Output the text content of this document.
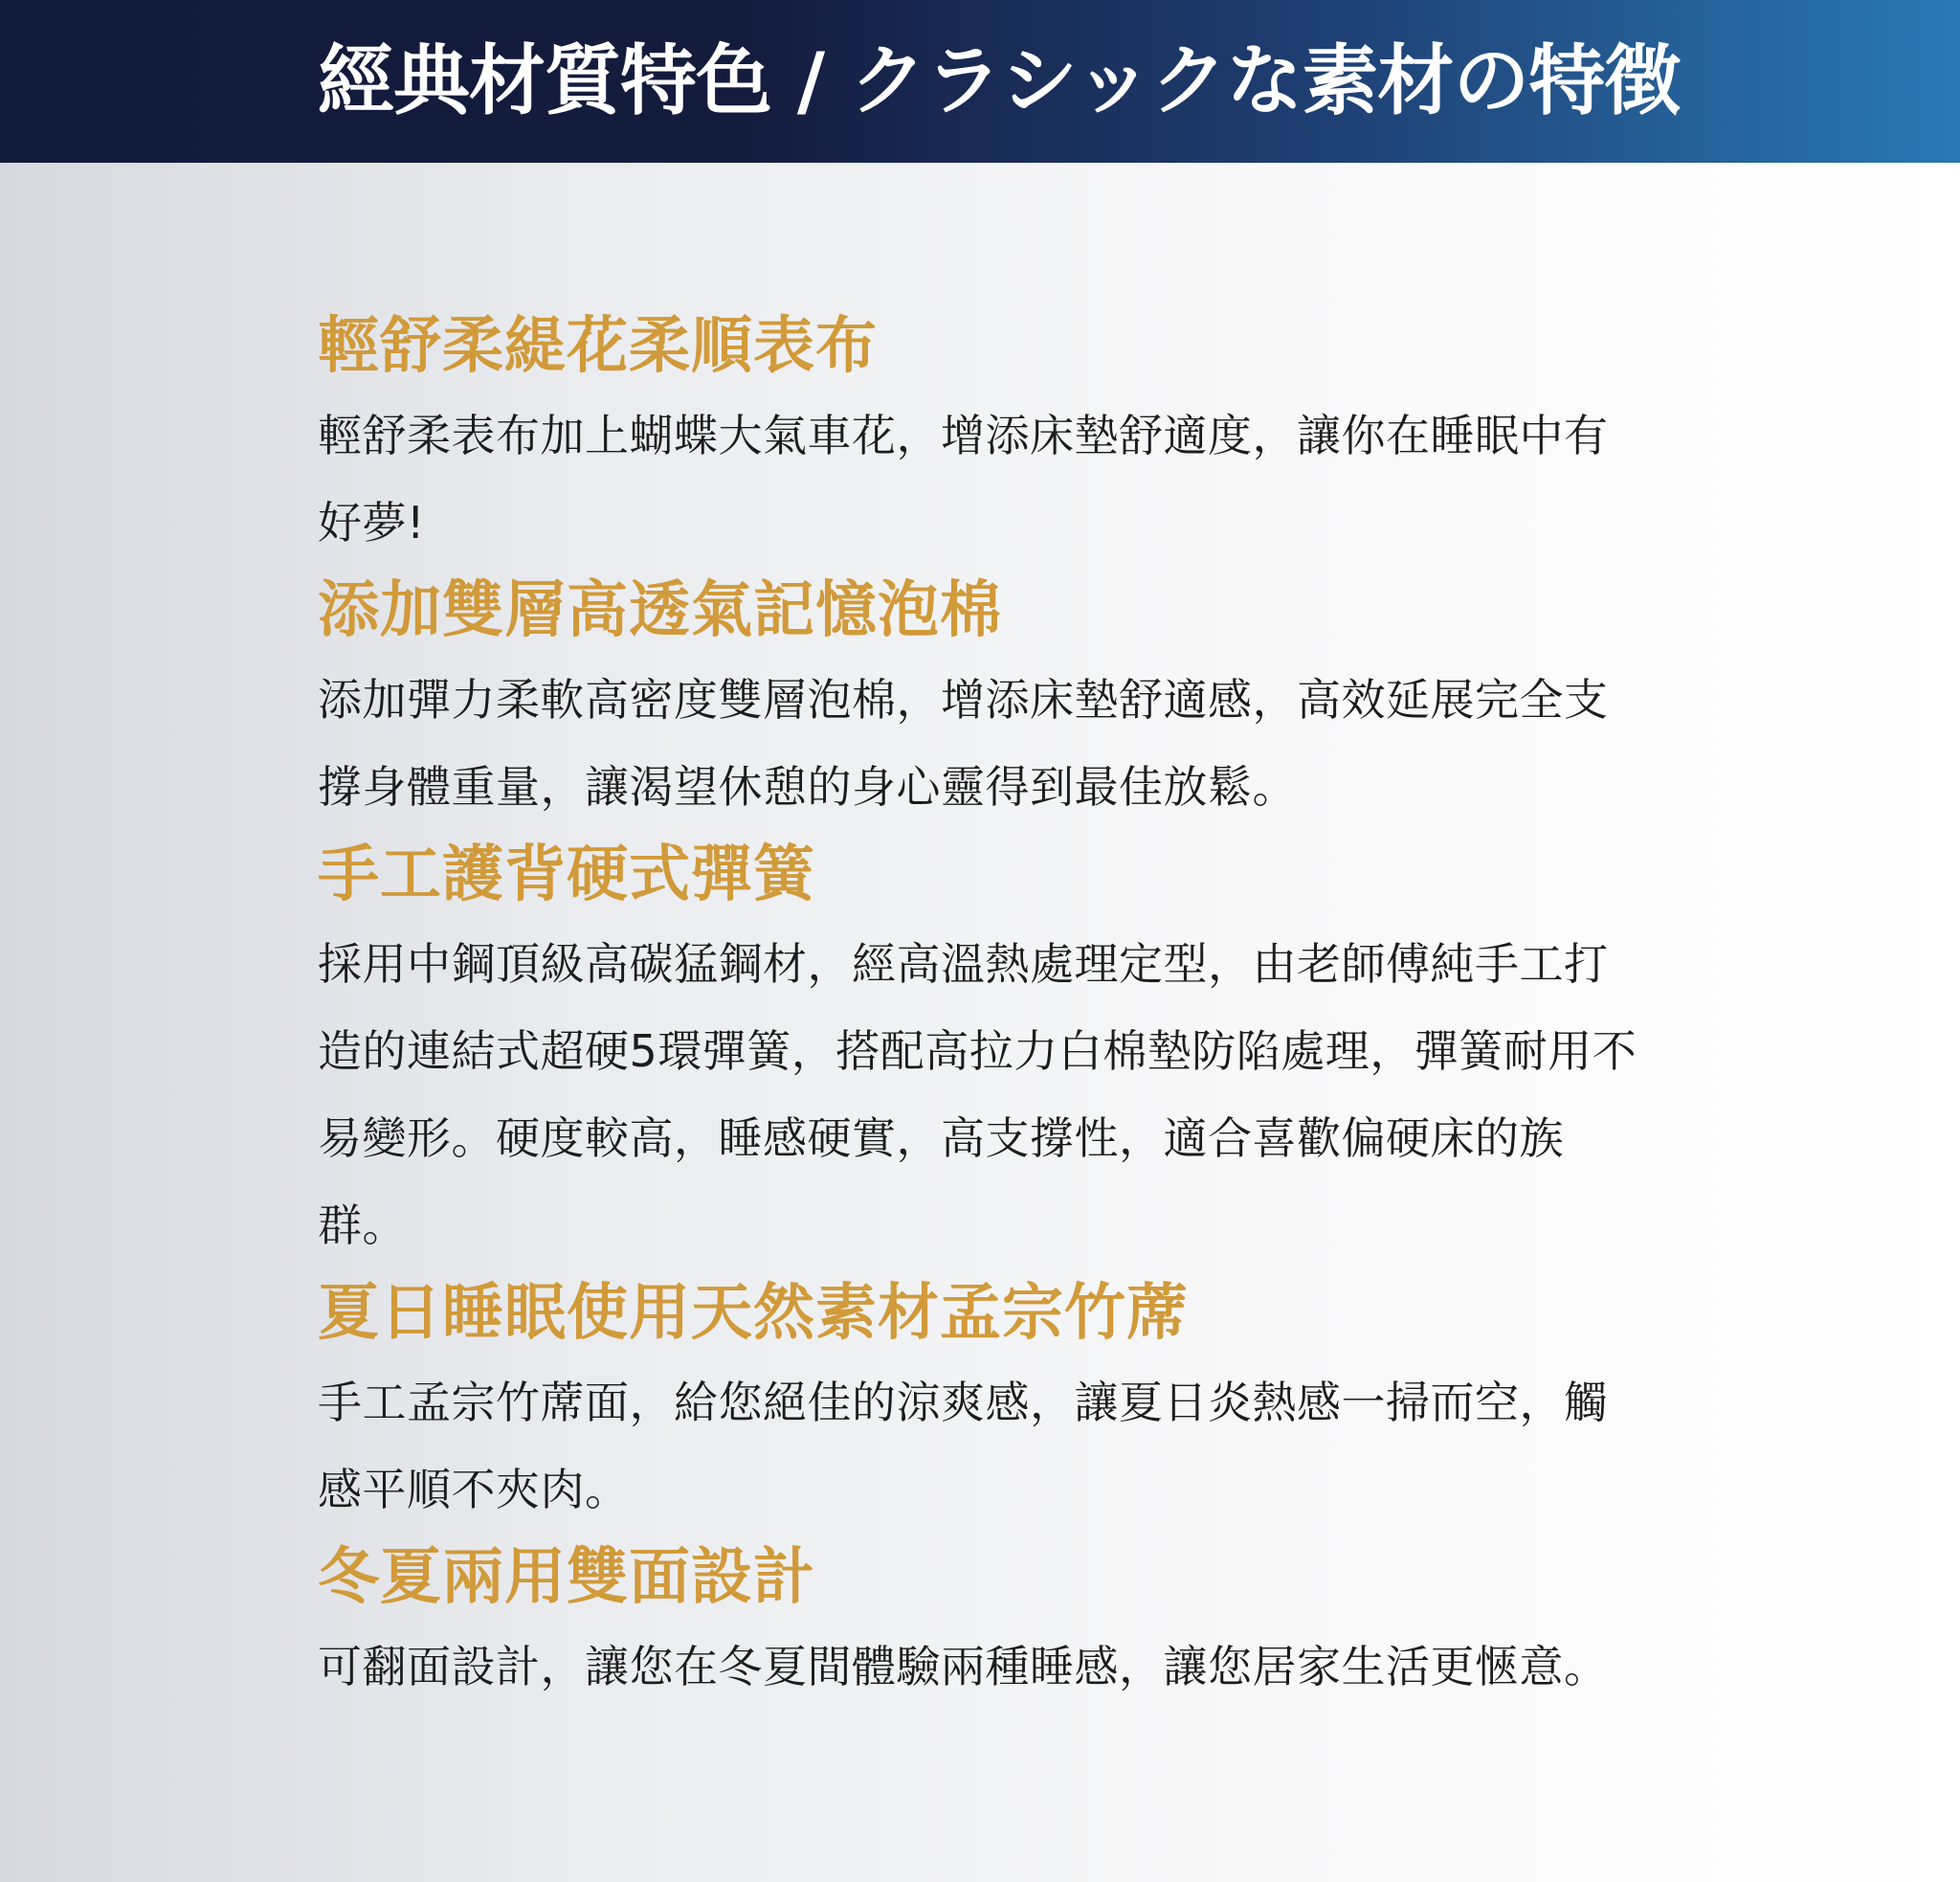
經典材質特色 / クラシックな素材の特徴
輕舒柔緹花柔順表布

輕舒柔表布加上蝴蝶大氣車花，增添床墊舒適度，讓你在睡眠中有好夢!

添加雙層高透氣記憶泡棉

添加彈力柔軟高密度雙層泡棉，增添床墊舒適感，高效延展完全支撐身體重量，讓渴望休憩的身心靈得到最佳放鬆。

手工護背硬式彈簧

採用中鋼頂級高碳猛鋼材，經高溫熱處理定型，由老師傅純手工打造的連結式超硬5環彈簧，搭配高拉力白棉墊防陷處理，彈簧耐用不易變形。硬度較高，睡感硬實，高支撐性，適合喜歡偏硬床的族群。

夏日睡眠使用天然素材孟宗竹蓆

手工孟宗竹蓆面，給您絕佳的涼爽感，讓夏日炎熱感一掃而空，觸感平順不夾肉。

冬夏兩用雙面設計

可翻面設計，讓您在冬夏間體驗兩種睡感，讓您居家生活更愜意。
